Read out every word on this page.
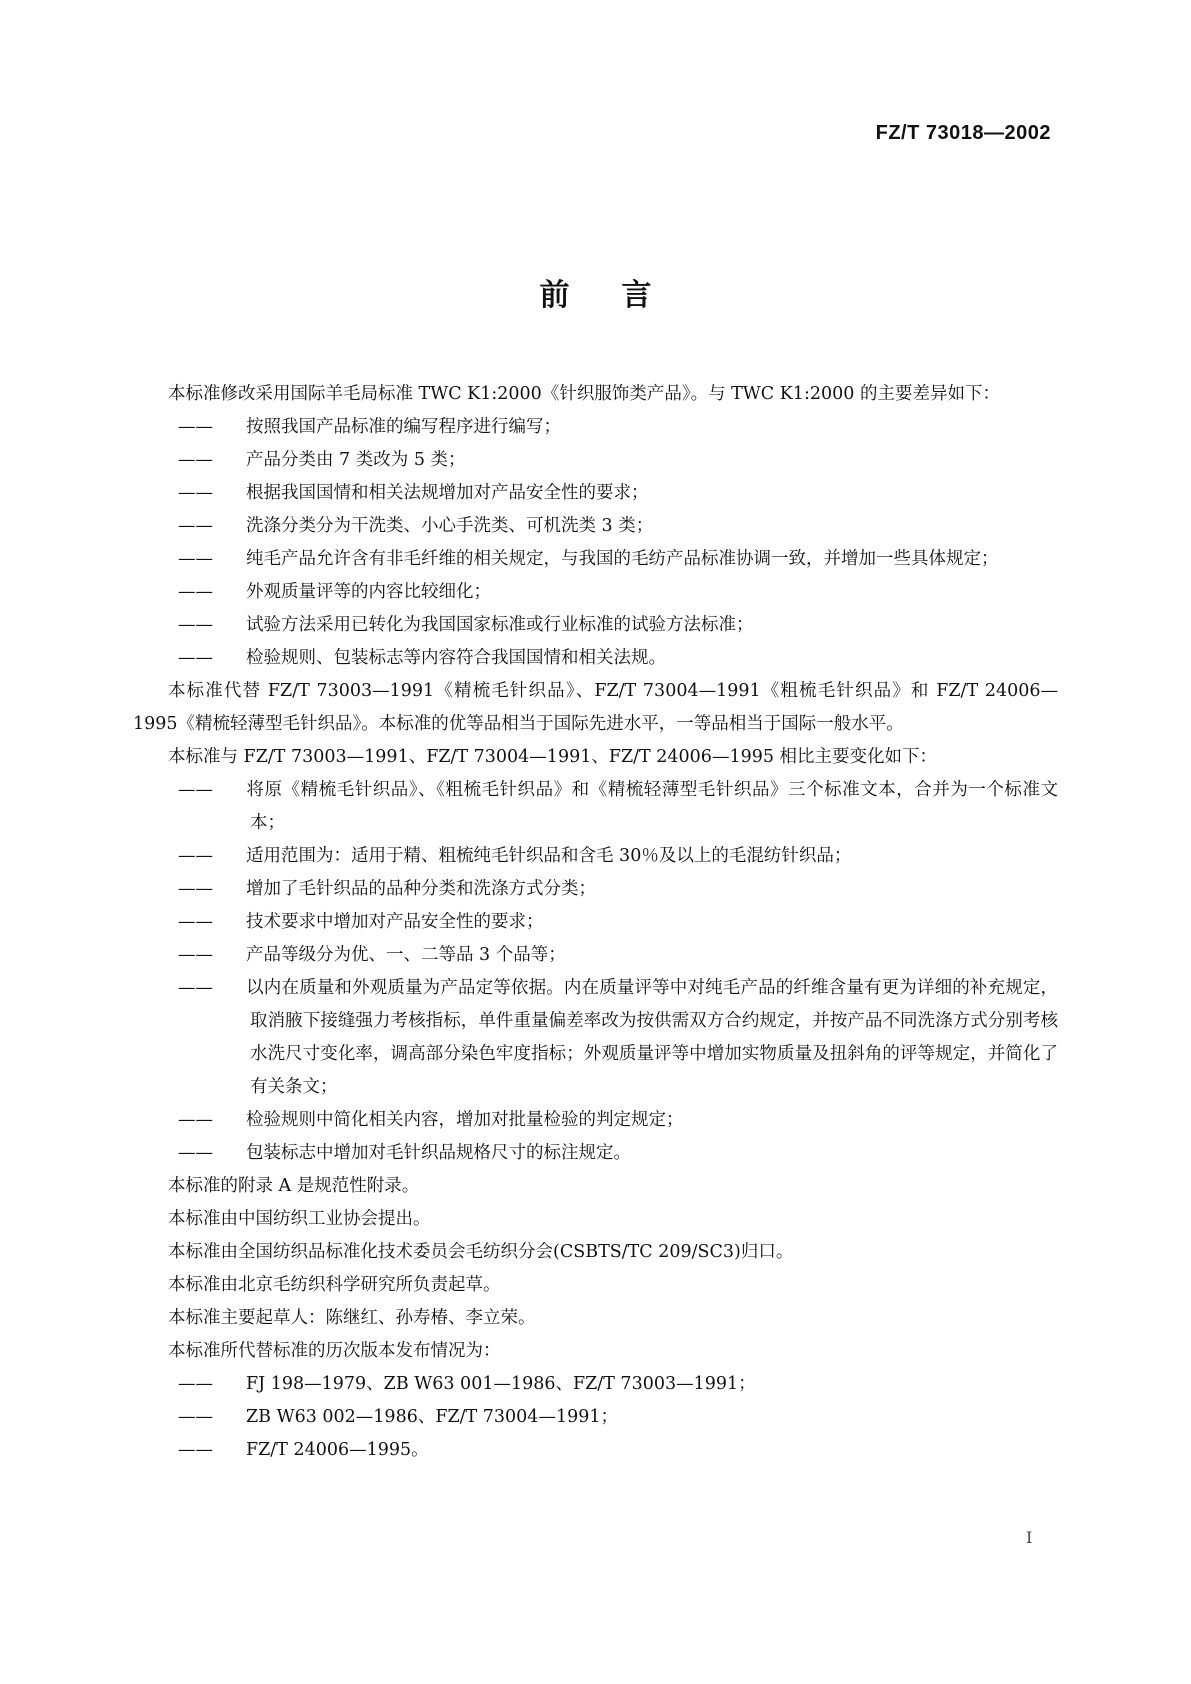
FZ/T 73018—2002
前言

本标准修改采用国际羊毛局标准 TWC K1:2000《针织服饰类产品》。与 TWC K1:2000 的主要差异如下：

—— 按照我国产品标准的编写程序进行编写；

—— 产品分类由 7 类改为 5 类；

—— 根据我国国情和相关法规增加对产品安全性的要求；

—— 洗涤分类分为干洗类、小心手洗类、可机洗类 3 类；

—— 纯毛产品允许含有非毛纤维的相关规定，与我国的毛纺产品标准协调一致，并增加一些具体规定；

—— 外观质量评等的内容比较细化；

—— 试验方法采用已转化为我国国家标准或行业标准的试验方法标准；

—— 检验规则、包装标志等内容符合我国国情和相关法规。

本标准代替 FZ/T 73003—1991《精梳毛针织品》、FZ/T 73004—1991《粗梳毛针织品》和 FZ/T 24006—1995《精梳轻薄型毛针织品》。本标准的优等品相当于国际先进水平，一等品相当于国际一般水平。

本标准与 FZ/T 73003—1991、FZ/T 73004—1991、FZ/T 24006—1995 相比主要变化如下：

—— 将原《精梳毛针织品》、《粗梳毛针织品》和《精梳轻薄型毛针织品》三个标准文本，合并为一个标准文本；

—— 适用范围为：适用于精、粗梳纯毛针织品和含毛 30％及以上的毛混纺针织品；

—— 增加了毛针织品的品种分类和洗涤方式分类；

—— 技术要求中增加对产品安全性的要求；

—— 产品等级分为优、一、二等品 3 个品等；

—— 以内在质量和外观质量为产品定等依据。内在质量评等中对纯毛产品的纤维含量有更为详细的补充规定，取消腋下接缝强力考核指标，单件重量偏差率改为按供需双方合约规定，并按产品不同洗涤方式分别考核水洗尺寸变化率，调高部分染色牢度指标；外观质量评等中增加实物质量及扭斜角的评等规定，并简化了有关条文；

—— 检验规则中简化相关内容，增加对批量检验的判定规定；

—— 包装标志中增加对毛针织品规格尺寸的标注规定。

本标准的附录 A 是规范性附录。

本标准由中国纺织工业协会提出。

本标准由全国纺织品标准化技术委员会毛纺织分会(CSBTS/TC 209/SC3)归口。

本标准由北京毛纺织科学研究所负责起草。

本标准主要起草人：陈继红、孙寿椿、李立荣。

本标准所代替标准的历次版本发布情况为：

—— FJ 198—1979、ZB W63 001—1986、FZ/T 73003—1991；

—— ZB W63 002—1986、FZ/T 73004—1991；

—— FZ/T 24006—1995。

I
